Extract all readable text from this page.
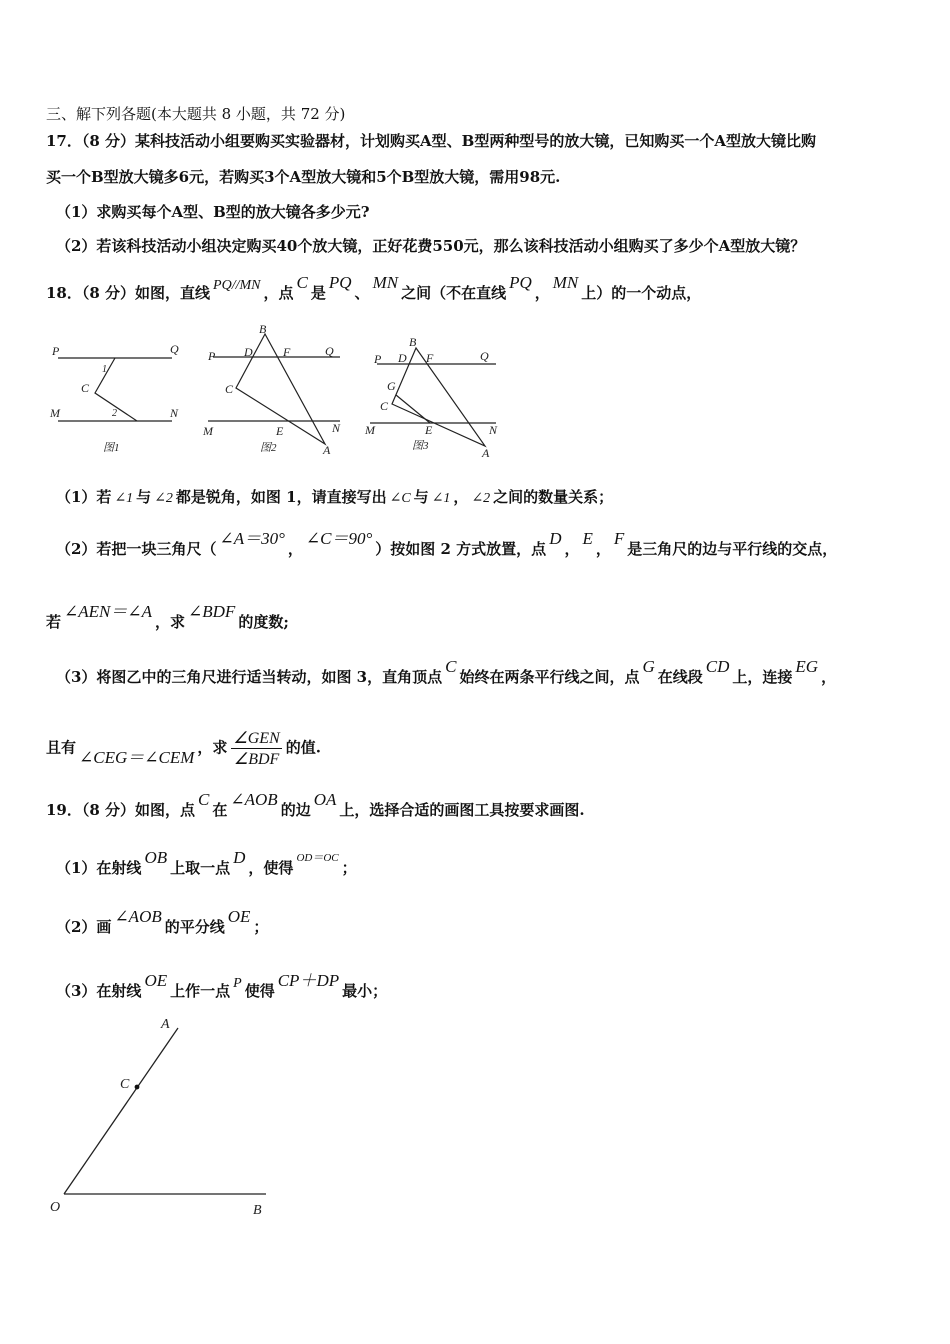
三、解下列各题(本大题共 8 小题，共 72 分)
17．（8 分）某科技活动小组要购买实验器材，计划购买A型、B型两种型号的放大镜，已知购买一个A型放大镜比购
买一个B型放大镜多6元，若购买3个A型放大镜和5个B型放大镜，需用98元.
（1）求购买每个A型、B型的放大镜各多少元?
（2）若该科技活动小组决定购买40个放大镜，正好花费550元，那么该科技活动小组购买了多少个A型放大镜？
18．（8 分）如图，直线 PQ//MN ，点C是PQ、MN之间（不在直线PQ，MN上）的一个动点，
P	Q
C
M	N
1
2
图1
B
P D	F	Q
C
M	E	N
A
图2
B
P D F	Q
G
C
M	E	N
A
图3
（1）若 ∠1 与 ∠2 都是锐角，如图 1，请直接写出 ∠C 与 ∠1 ， ∠2 之间的数量关系；
（2）若把一块三角尺（∠A＝30°，∠C＝90°）按如图 2 方式放置，点D，E，F是三角尺的边与平行线的交点，
若∠AEN＝∠A，求∠BDF的度数;
（3）将图乙中的三角尺进行适当转动，如图 3，直角顶点C始终在两条平行线之间，点G在线段CD上，连接EG，
且有 ∠CEG＝∠CEM ，求 $\frac{\text{∠GEN}}{\text{∠BDF}}$ 的值.
19．（8 分）如图，点C在∠AOB的边OA上，选择合适的画图工具按要求画图.
（1）在射线OB上取一点D，使得$^{OD=OC}$；
（2）画∠AOB的平分线OE；
（3）在射线OE上作一点 P 使得CP＋DP最小；
A
C
O	B
